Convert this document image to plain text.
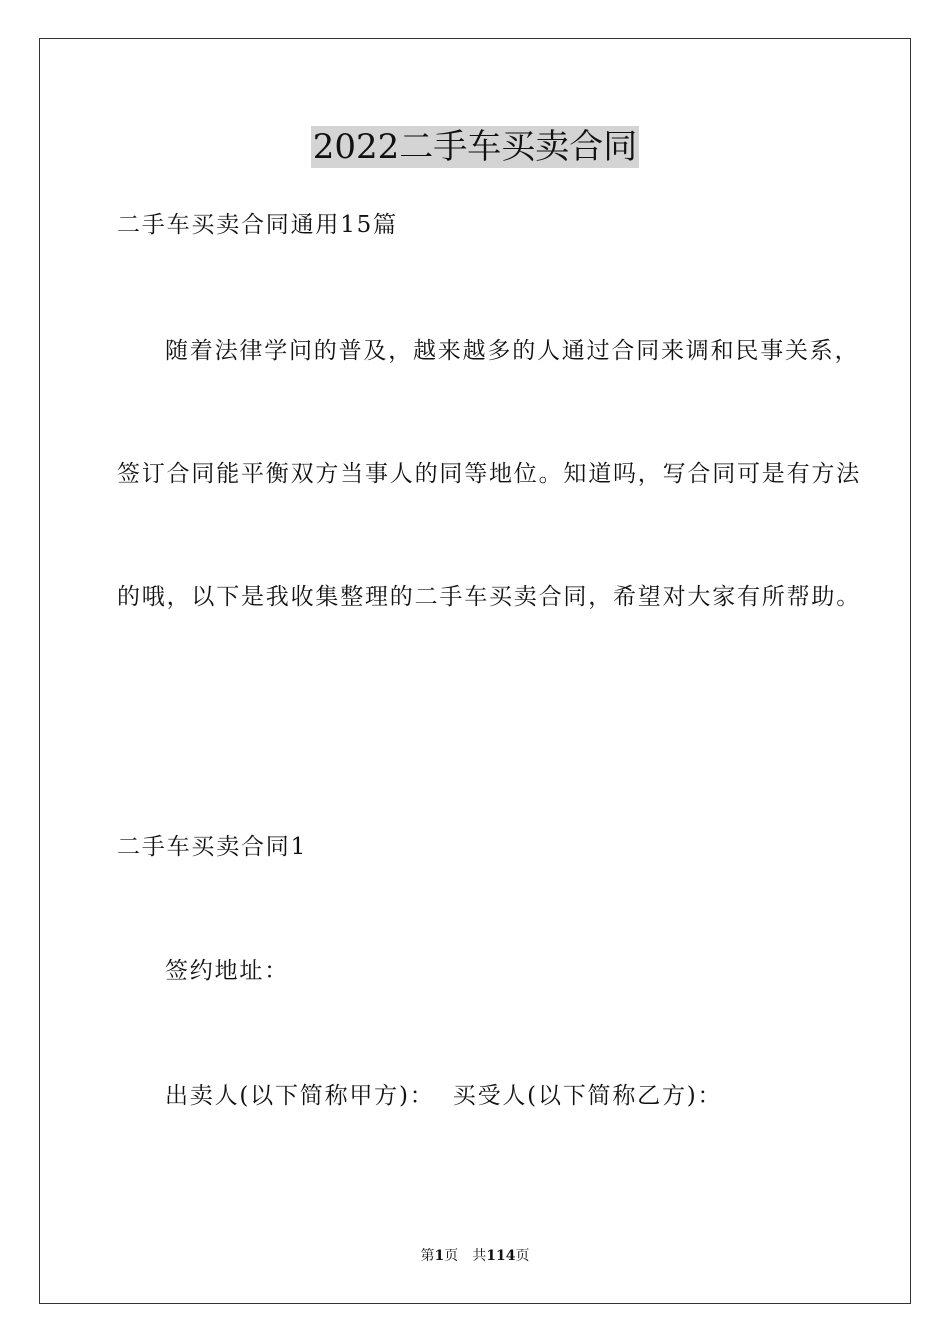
2022二手车买卖合同
二手车买卖合同通用15篇
随着法律学问的普及，越来越多的人通过合同来调和民事关系，
签订合同能平衡双方当事人的同等地位。知道吗，写合同可是有方法
的哦，以下是我收集整理的二手车买卖合同，希望对大家有所帮助。
二手车买卖合同1
签约地址：
出卖人(以下简称甲方)：  买受人(以下简称乙方)：
第1页 共114页
